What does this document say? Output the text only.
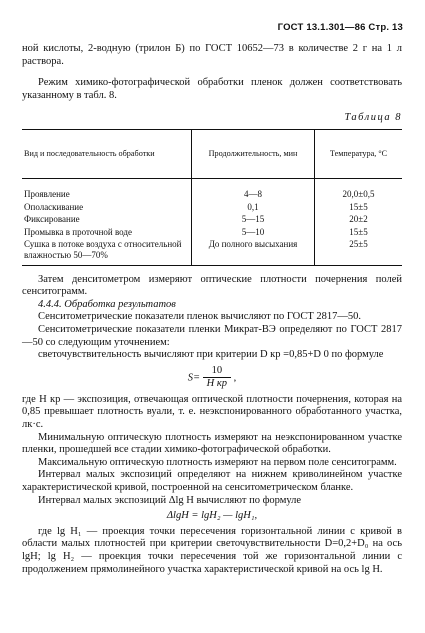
ГОСТ 13.1.301—86 Стр. 13

ной кислоты, 2-водную (трилон Б) по ГОСТ 10652—73 в количестве 2 г на 1 л раствора.

Режим химико-фотографической обработки пленок должен соответствовать указанному в табл. 8.

Таблица 8
Вид и последовательность обработки	Продолжительность, мин	Температура, °С
Проявление	4—8	20,0±0,5
Ополаскивание	0,1	15±5
Фиксирование	5—15	20±2
Промывка в проточной воде	5—10	15±5
Сушка в потоке воздуха с относительной влажностью 50—70%	До полного высыхания	25±5

Затем денситометром измеряют оптические плотности почернения полей сенситограмм.

4.4.4. Обработка результатов

Сенситометрические показатели пленок вычисляют по ГОСТ 2817—50.

Сенситометрические показатели пленки Микрат-ВЭ определяют по ГОСТ 2817—50 со следующим уточнением:

светочувствительность вычисляют при критерии D кр =0,85+D 0 по формуле

$S= \frac{10}{\text{H кр}}$ ,

где H кр — экспозиция, отвечающая оптической плотности почернения, которая на 0,85 превышает плотность вуали, т. е. неэкспонированного обработанного участка, лк·с.

Минимальную оптическую плотность измеряют на неэкспонированном участке пленки, прошедшей все стадии химико-фотографической обработки.

Максимальную оптическую плотность измеряют на первом поле сенситограмм.

Интервал малых экспозиций определяют на нижнем криволинейном участке характеристической кривой, построенной на сенситометрическом бланке.

Интервал малых экспозиций Δlg H вычисляют по формуле

ΔlgH = lgH₂ — lgH₁,

где lg H₁ — проекция точки пересечения горизонтальной линии с кривой в области малых плотностей при критерии светочувствительности D=0,2+D₀ на ось lgH; lg H₂ — проекция точки пересечения той же горизонтальной линии с продолжением прямолинейного участка характеристической кривой на ось lg H.
